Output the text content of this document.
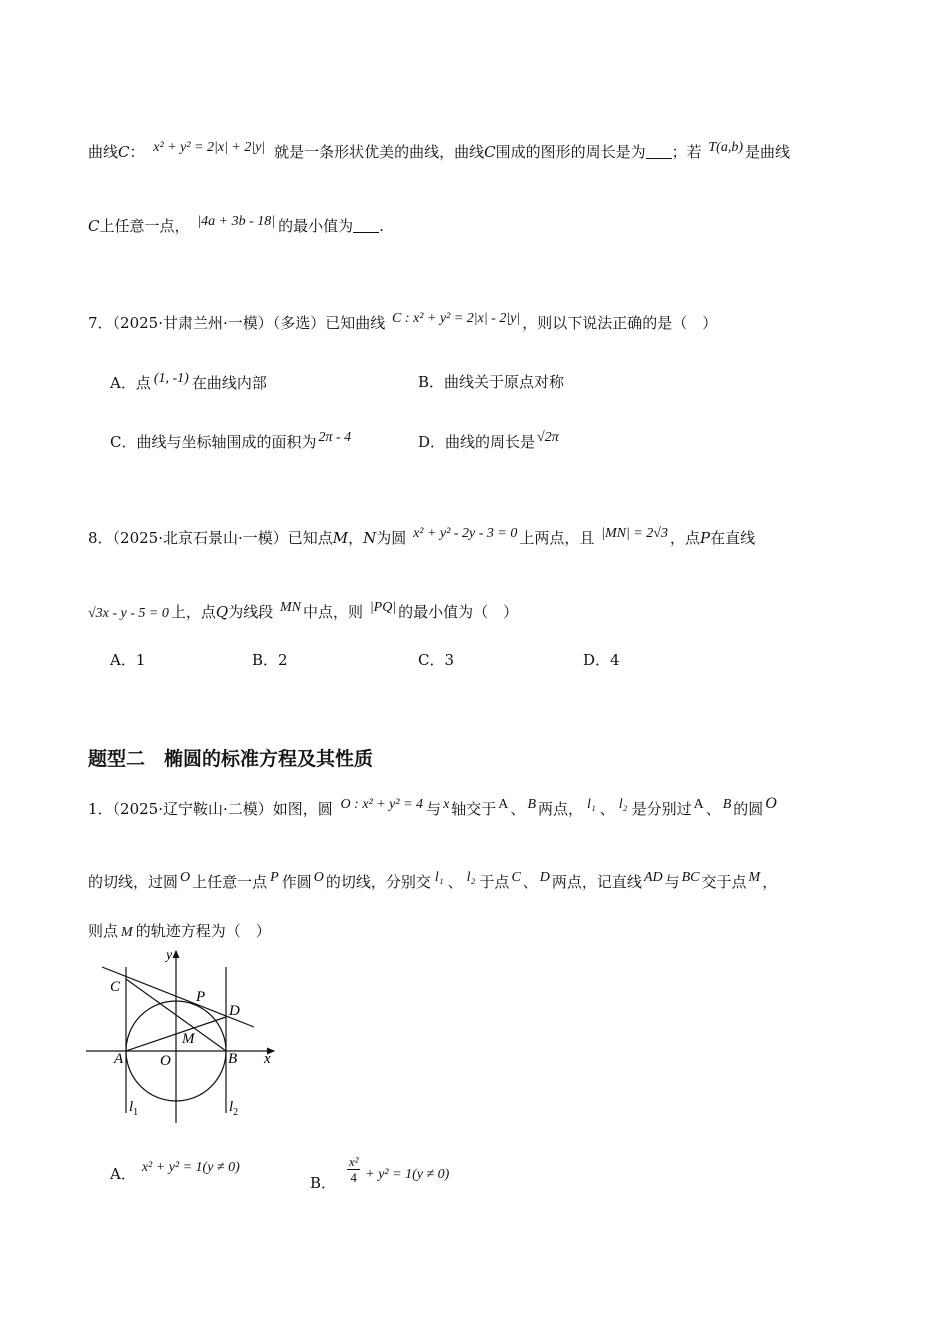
曲线C： x² + y² = 2|x| + 2|y| 就是一条形状优美的曲线，曲线C围成的图形的周长是为 ；若 T(a,b) 是曲线
C上任意一点， |4a + 3b - 18| 的最小值为 .
7．（2025·甘肃兰州·一模）（多选）已知曲线 C : x² + y² = 2|x| - 2|y| ，则以下说法正确的是（　）
A．点 (1, -1) 在曲线内部	B．曲线关于原点对称
C．曲线与坐标轴围成的面积为 2π - 4	D．曲线的周长是 √2π
8．（2025·北京石景山·一模）已知点M，N为圆 x² + y² - 2y - 3 = 0 上两点，且 |MN| = 2√3 ，点P在直线
√3x - y - 5 = 0 上，点Q为线段 MN 中点，则 |PQ| 的最小值为（　）
A．1	B．2	C．3	D．4
题型二　椭圆的标准方程及其性质
1．（2025·辽宁鞍山·二模）如图，圆 O : x² + y² = 4 与 x 轴交于 A 、 B 两点， l₁ 、 l₂ 是分别过 A 、 B 的圆 O
的切线，过圆 O 上任意一点 P 作圆 O 的切线，分别交 l₁ 、 l₂ 于点 C 、 D 两点，记直线 AD 与 BC 交于点 M ，
则点 M 的轨迹方程为（　）
y
C
P
D
M
A O	B x
$l_1$	$l_2$
A． x² + y² = 1(y ≠ 0)
B． $\frac{\text{x²}}{4} + y^2 = 1(y \ne 0)$
